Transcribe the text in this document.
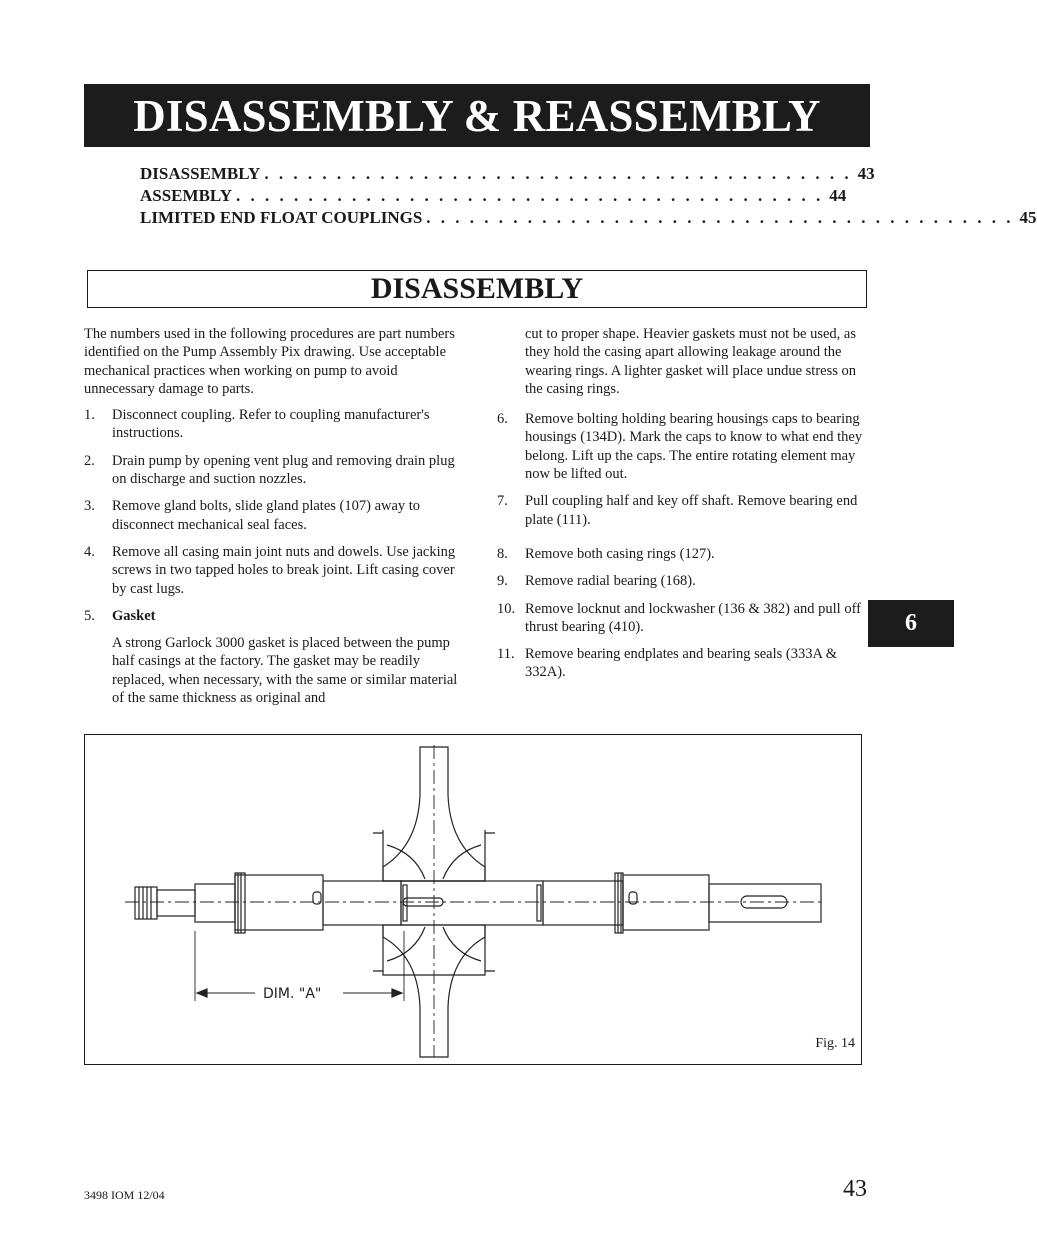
DISASSEMBLY & REASSEMBLY
DISASSEMBLY . . . . . . . . . . . . . . . . . . . . . . . . . . . . . . . . . . . . . . . . . 43
ASSEMBLY . . . . . . . . . . . . . . . . . . . . . . . . . . . . . . . . . . . . . . . . . 44
LIMITED END FLOAT COUPLINGS . . . . . . . . . . . . . . . . . . . . . . . . . . . . . . . . . . . . . . . . . 45
DISASSEMBLY

The numbers used in the following procedures are part numbers identified on the Pump Assembly Pix drawing. Use acceptable mechanical practices when working on pump to avoid unnecessary damage to parts.

1. Disconnect coupling. Refer to coupling manufacturer's instructions.
2. Drain pump by opening vent plug and removing drain plug on discharge and suction nozzles.
3. Remove gland bolts, slide gland plates (107) away to disconnect mechanical seal faces.
4. Remove all casing main joint nuts and dowels. Use jacking screws in two tapped holes to break joint. Lift casing cover by cast lugs.
5. Gasket

A strong Garlock 3000 gasket is placed between the pump half casings at the factory. The gasket may be readily replaced, when necessary, with the same or similar material of the same thickness as original and

cut to proper shape. Heavier gaskets must not be used, as they hold the casing apart allowing leakage around the wearing rings. A lighter gasket will place undue stress on the casing rings.

6. Remove bolting holding bearing housings caps to bearing housings (134D). Mark the caps to know to what end they belong. Lift up the caps. The entire rotating element may now be lifted out.
7. Pull coupling half and key off shaft. Remove bearing end plate (111).
8. Remove both casing rings (127).
9. Remove radial bearing (168).
10. Remove locknut and lockwasher (136 & 382) and pull off thrust bearing (410).
11. Remove bearing endplates and bearing seals (333A & 332A).
6
DIM. "A"
Fig. 14
3498 IOM 12/04	43
